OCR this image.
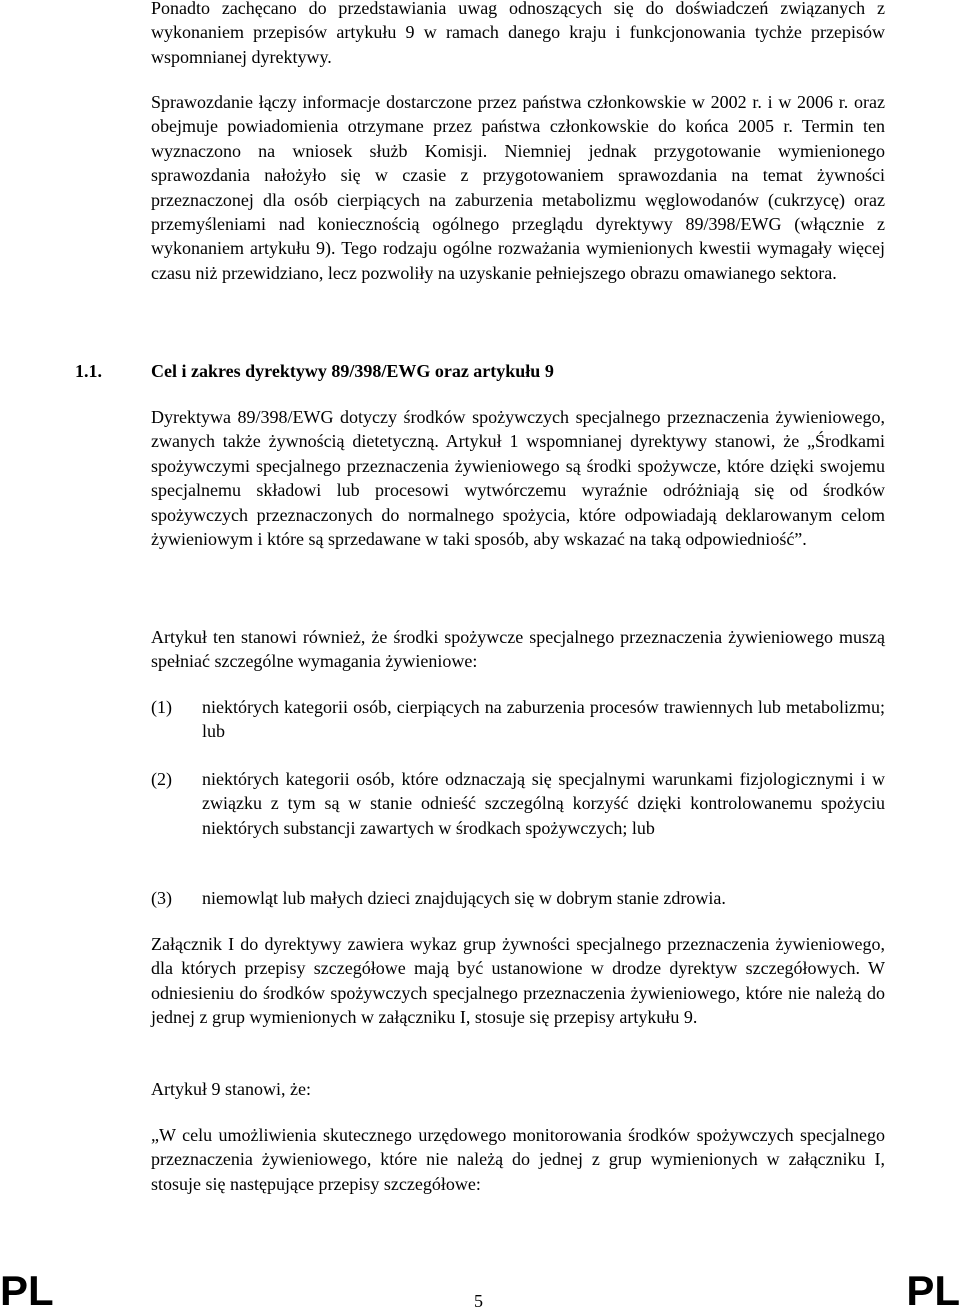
Ponadto zachęcano do przedstawiania uwag odnoszących się do doświadczeń związanych z wykonaniem przepisów artykułu 9 w ramach danego kraju i funkcjonowania tychże przepisów wspomnianej dyrektywy.

Sprawozdanie łączy informacje dostarczone przez państwa członkowskie w 2002 r. i w 2006 r. oraz obejmuje powiadomienia otrzymane przez państwa członkowskie do końca 2005 r. Termin ten wyznaczono na wniosek służb Komisji. Niemniej jednak przygotowanie wymienionego sprawozdania nałożyło się w czasie z przygotowaniem sprawozdania na temat żywności przeznaczonej dla osób cierpiących na zaburzenia metabolizmu węglowodanów (cukrzycę) oraz przemyśleniami nad koniecznością ogólnego przeglądu dyrektywy 89/398/EWG (włącznie z wykonaniem artykułu 9). Tego rodzaju ogólne rozważania wymienionych kwestii wymagały więcej czasu niż przewidziano, lecz pozwoliły na uzyskanie pełniejszego obrazu omawianego sektora.

1.1.	Cel i zakres dyrektywy 89/398/EWG oraz artykułu 9

Dyrektywa 89/398/EWG dotyczy środków spożywczych specjalnego przeznaczenia żywieniowego, zwanych także żywnością dietetyczną. Artykuł 1 wspomnianej dyrektywy stanowi, że „Środkami spożywczymi specjalnego przeznaczenia żywieniowego są środki spożywcze, które dzięki swojemu specjalnemu składowi lub procesowi wytwórczemu wyraźnie odróżniają się od środków spożywczych przeznaczonych do normalnego spożycia, które odpowiadają deklarowanym celom żywieniowym i które są sprzedawane w taki sposób, aby wskazać na taką odpowiedniość”.

Artykuł ten stanowi również, że środki spożywcze specjalnego przeznaczenia żywieniowego muszą spełniać szczególne wymagania żywieniowe:

(1) niektórych kategorii osób, cierpiących na zaburzenia procesów trawiennych lub metabolizmu; lub
(2) niektórych kategorii osób, które odznaczają się specjalnymi warunkami fizjologicznymi i w związku z tym są w stanie odnieść szczególną korzyść dzięki kontrolowanemu spożyciu niektórych substancji zawartych w środkach spożywczych; lub
(3) niemowląt lub małych dzieci znajdujących się w dobrym stanie zdrowia.

Załącznik I do dyrektywy zawiera wykaz grup żywności specjalnego przeznaczenia żywieniowego, dla których przepisy szczegółowe mają być ustanowione w drodze dyrektyw szczegółowych. W odniesieniu do środków spożywczych specjalnego przeznaczenia żywieniowego, które nie należą do jednej z grup wymienionych w załączniku I, stosuje się przepisy artykułu 9.

Artykuł 9 stanowi, że:

„W celu umożliwienia skutecznego urzędowego monitorowania środków spożywczych specjalnego przeznaczenia żywieniowego, które nie należą do jednej z grup wymienionych w załączniku I, stosuje się następujące przepisy szczegółowe:

PL	5	PL
